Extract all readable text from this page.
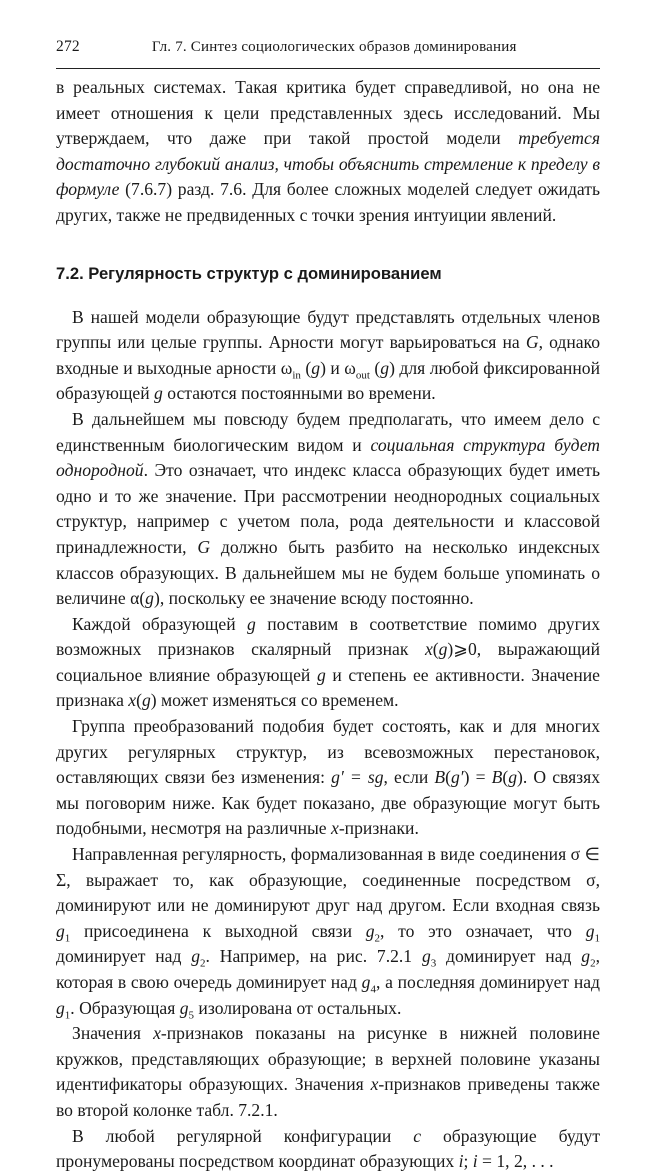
272	Гл. 7. Синтез социологических образов доминирования

в реальных системах. Такая критика будет справедливой, но она не имеет отношения к цели представленных здесь исследований. Мы утверждаем, что даже при такой простой модели требуется достаточно глубокий анализ, чтобы объяснить стремление к пределу в формуле (7.6.7) разд. 7.6. Для более сложных моделей следует ожидать других, также не предвиденных с точки зрения интуиции явлений.

7.2. Регулярность структур с доминированием

В нашей модели образующие будут представлять отдельных членов группы или целые группы. Арности могут варьироваться на G, однако входные и выходные арности $\omega_{in}$ (g) и $\omega_{out}$ (g) для любой фиксированной образующей g остаются постоянными во времени.

В дальнейшем мы повсюду будем предполагать, что имеем дело с единственным биологическим видом и социальная структура будет однородной. Это означает, что индекс класса образующих будет иметь одно и то же значение. При рассмотрении неоднородных социальных структур, например с учетом пола, рода деятельности и классовой принадлежности, G должно быть разбито на несколько индексных классов образующих. В дальнейшем мы не будем больше упоминать о величине α(g), поскольку ее значение всюду постоянно.

Каждой образующей g поставим в соответствие помимо других возможных признаков скалярный признак x(g)⩾0, выражающий социальное влияние образующей g и степень ее активности. Значение признака x(g) может изменяться со временем.

Группа преобразований подобия будет состоять, как и для многих других регулярных структур, из всевозможных перестановок, оставляющих связи без изменения: g′ = sg, если B(g′) = B(g). О связях мы поговорим ниже. Как будет показано, две образующие могут быть подобными, несмотря на различные x-признаки.

Направленная регулярность, формализованная в виде соединения σ ∈ Σ, выражает то, как образующие, соединенные посредством σ, доминируют или не доминируют друг над другом. Если входная связь $g_1$ присоединена к выходной связи $g_2$, то это означает, что $g_1$ доминирует над $g_2$. Например, на рис. 7.2.1 $g_3$ доминирует над $g_2$, которая в свою очередь доминирует над $g_4$, а последняя доминирует над $g_1$. Образующая $g_5$ изолирована от остальных.

Значения x-признаков показаны на рисунке в нижней половине кружков, представляющих образующие; в верхней половине указаны идентификаторы образующих. Значения x-признаков приведены также во второй колонке табл. 7.2.1.

В любой регулярной конфигурации c образующие будут пронумерованы посредством координат образующих i; i = 1, 2, . . .
